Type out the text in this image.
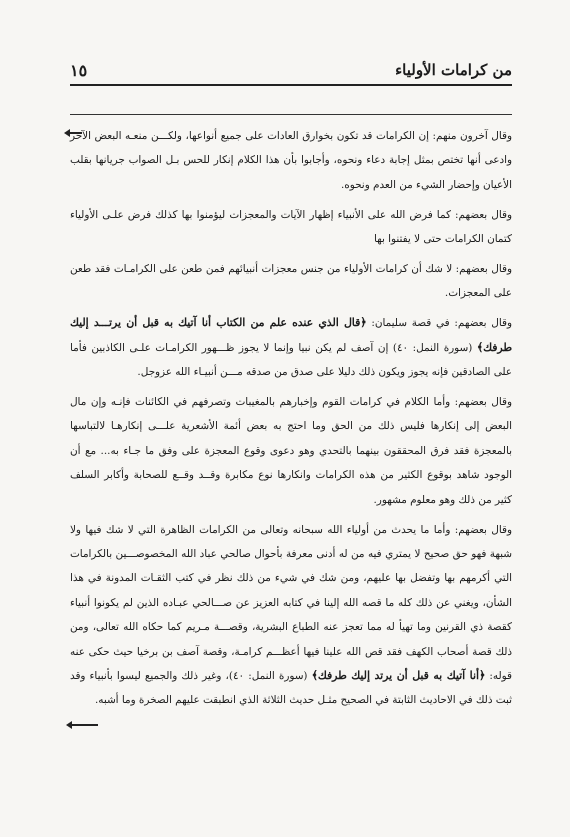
من كرامات الأولياء
١٥

وقال آخرون منهم: إن الكرامات قد تكون بخوارق العادات على جميع أنواعها، ولكـــن منعـه البعض الآخر وادعى أنها تختص بمثل إجابة دعاء ونحوه، وأجابوا بأن هذا الكلام إنكار للحس بـل الصواب جريانها بقلب الأعيان وإحضار الشيء من العدم ونحوه.

وقال بعضهم: كما فرض الله على الأنبياء إظهار الآيات والمعجزات ليؤمنوا بها كذلك فرض علـى الأولياء كتمان الكرامات حتى لا يفتنوا بها

وقال بعضهم: لا شك أن كرامات الأولياء من جنس معجزات أنبيائهم فمن طعن على الكرامـات فقد طعن على المعجزات.

وقال بعضهم: في قصة سليمان: ﴿قال الذي عنده علم من الكتاب أنا آتيك به قبل أن يرتـــد إليك طرفك﴾ (سورة النمل: ٤٠) إن آصف لم يكن نبيا وإنما لا يجوز ظـــهور الكرامـات علـى الكاذبين فأما على الصادقين فإنه يجوز ويكون ذلك دليلا على صدق من صدقه مـــن أنبيـاء الله عزوجل.

وقال بعضهم: وأما الكلام في كرامات القوم وإخبارهم بالمغيبات وتصرفهم في الكائنات فإنـه وإن مال البعض إلى إنكارها فليس ذلك من الحق وما احتج به بعض أئمة الأشعرية علـــى إنكارهـا لالتباسها بالمعجزة فقد فرق المحققون بينهما بالتحدي وهو دعوى وقوع المعجزة على وفق ما جـاء به... مع أن الوجود شاهد بوقوع الكثير من هذه الكرامات وانكارها نوع مكابرة وقــد وقــع للصحابة وأكابر السلف كثير من ذلك وهو معلوم مشهور.

وقال بعضهم: وأما ما يحدث من أولياء الله سبحانه وتعالى من الكرامات الظاهرة التي لا شك فيها ولا شبهة فهو حق صحيح لا يمتري فيه من له أدنى معرفة بأحوال صالحي عباد الله المخصوصـــين بالكرامات التي أكرمهم بها وتفضل بها عليهم، ومن شك في شيء من ذلك نظر في كتب الثقـات المدونة في هذا الشأن، ويغني عن ذلك كله ما قصه الله إلينا في كتابه العزيز عن صـــالحي عبـاده الذين لم يكونوا أنبياء كقصة ذي القرنين وما تهيأ له مما تعجز عنه الطباع البشرية، وقصـــة مـريم كما حكاه الله تعالى، ومن ذلك قصة أصحاب الكهف فقد قص الله علينا فيها أعظـــم كرامـة، وقصة آصف بن برخيا حيث حكى عنه قوله: ﴿أنا آتيك به قبل أن يرتد إليك طرفك﴾ (سورة النمل: ٤٠)، وغير ذلك والجميع ليسوا بأنبياء وقد ثبت ذلك في الاحاديث الثابتة في الصحيح مثـل حديث الثلاثة الذي انطبقت عليهم الصخرة وما أشبه.
